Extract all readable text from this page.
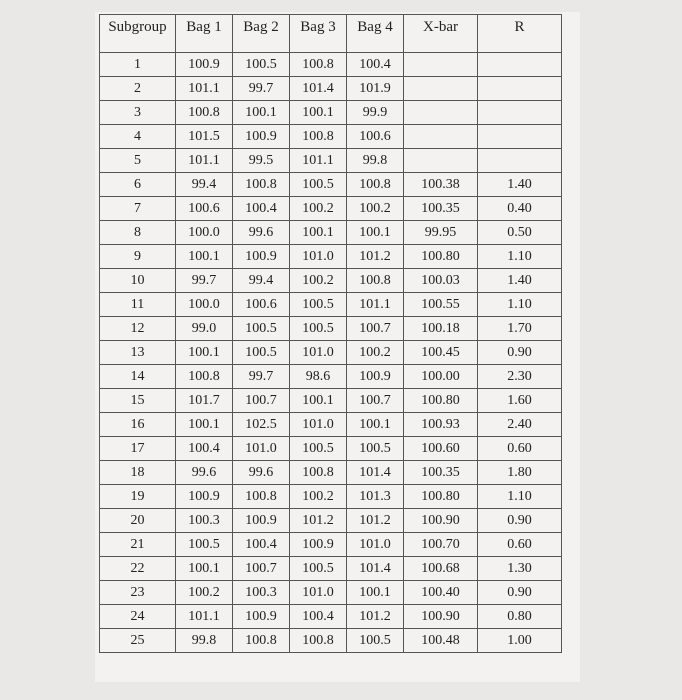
Subgroup	Bag 1	Bag 2	Bag 3	Bag 4	X-bar	R
1	100.9	100.5	100.8	100.4		
2	101.1	99.7	101.4	101.9		
3	100.8	100.1	100.1	99.9		
4	101.5	100.9	100.8	100.6		
5	101.1	99.5	101.1	99.8		
6	99.4	100.8	100.5	100.8	100.38	1.40
7	100.6	100.4	100.2	100.2	100.35	0.40
8	100.0	99.6	100.1	100.1	99.95	0.50
9	100.1	100.9	101.0	101.2	100.80	1.10
10	99.7	99.4	100.2	100.8	100.03	1.40
11	100.0	100.6	100.5	101.1	100.55	1.10
12	99.0	100.5	100.5	100.7	100.18	1.70
13	100.1	100.5	101.0	100.2	100.45	0.90
14	100.8	99.7	98.6	100.9	100.00	2.30
15	101.7	100.7	100.1	100.7	100.80	1.60
16	100.1	102.5	101.0	100.1	100.93	2.40
17	100.4	101.0	100.5	100.5	100.60	0.60
18	99.6	99.6	100.8	101.4	100.35	1.80
19	100.9	100.8	100.2	101.3	100.80	1.10
20	100.3	100.9	101.2	101.2	100.90	0.90
21	100.5	100.4	100.9	101.0	100.70	0.60
22	100.1	100.7	100.5	101.4	100.68	1.30
23	100.2	100.3	101.0	100.1	100.40	0.90
24	101.1	100.9	100.4	101.2	100.90	0.80
25	99.8	100.8	100.8	100.5	100.48	1.00
